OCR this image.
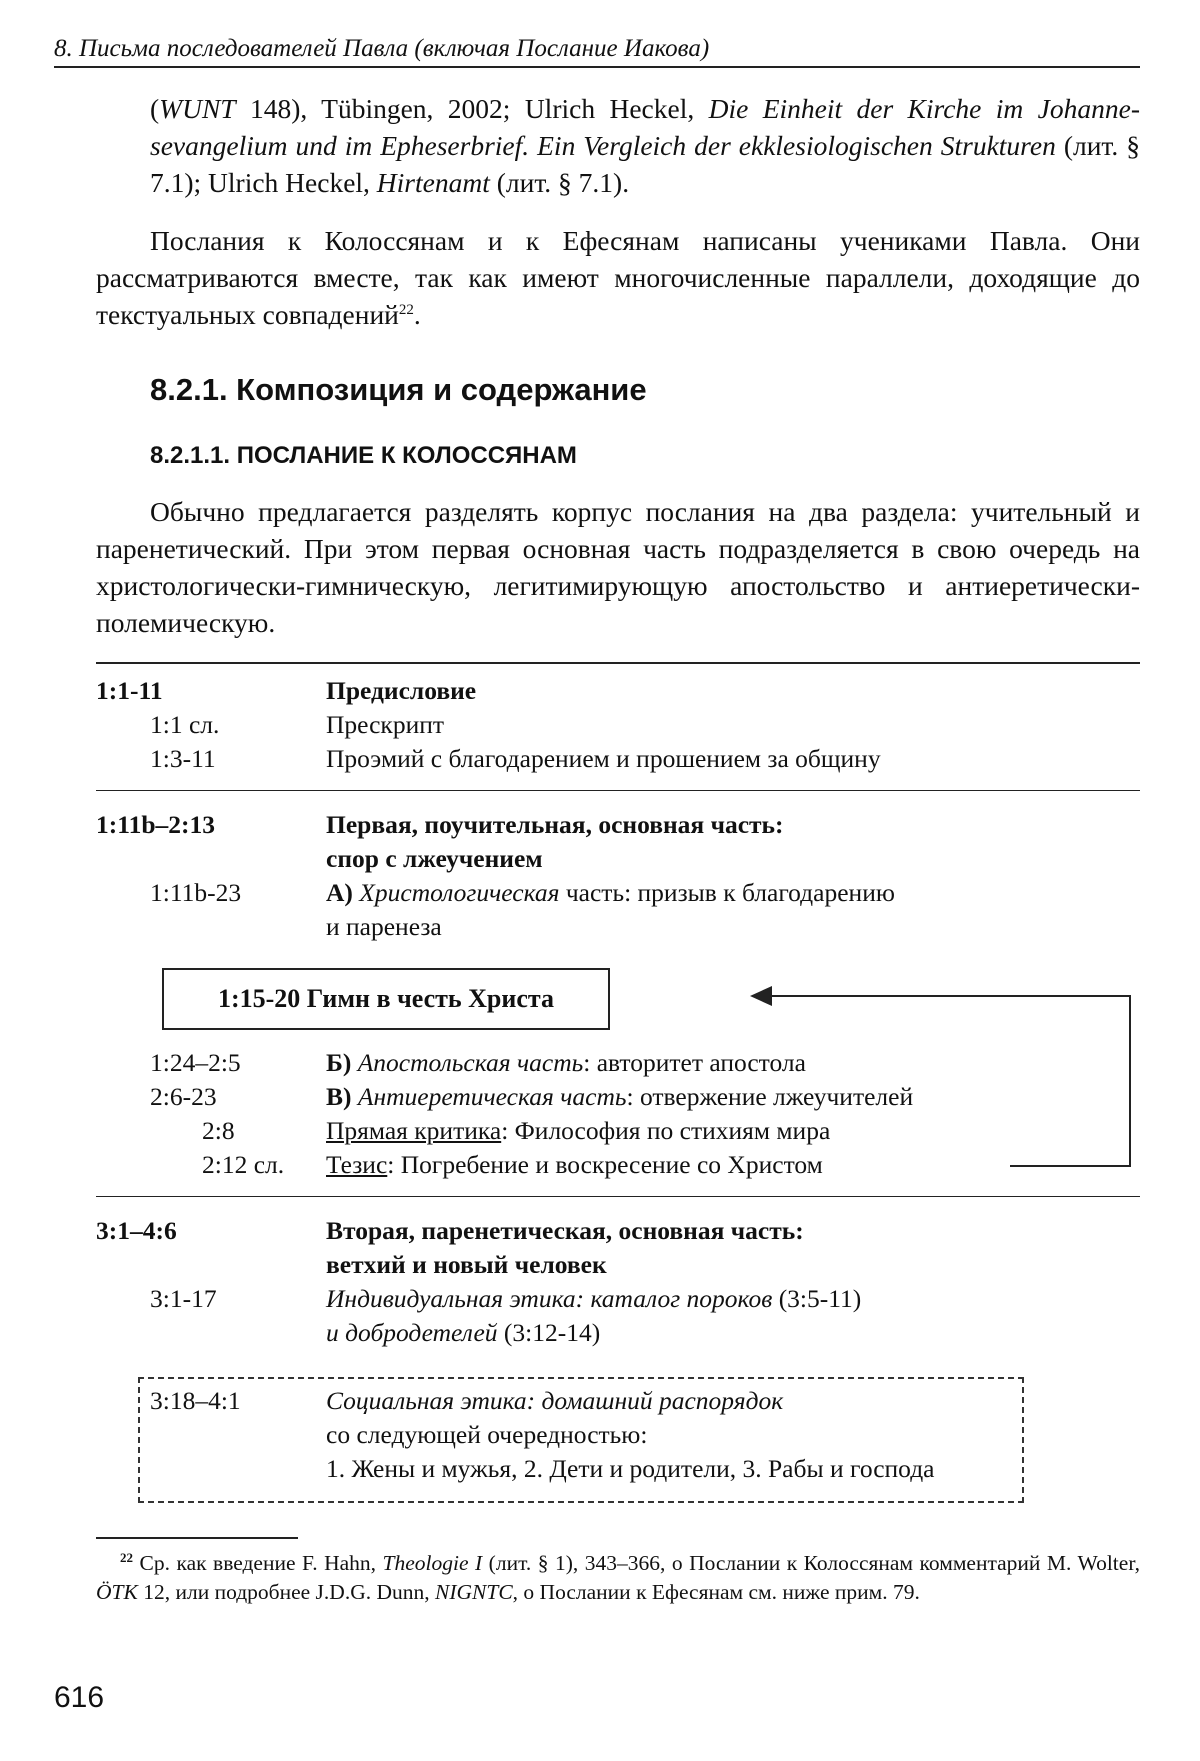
8. Письма последователей Павла (включая Послание Иакова)

(WUNT 148), Tübingen, 2002; Ulrich Heckel, Die Einheit der Kirche im Johannesevangelium und im Epheserbrief. Ein Vergleich der ekklesiologischen Strukturen (лит. § 7.1); Ulrich Heckel, Hirtenamt (лит. § 7.1).

Послания к Колоссянам и к Ефесянам написаны учениками Павла. Они рассматриваются вместе, так как имеют многочисленные параллели, доходящие до текстуальных совпадений$^{22}$.

8.2.1. Композиция и содержание
8.2.1.1. ПОСЛАНИЕ К КОЛОССЯНАМ

Обычно предлагается разделять корпус послания на два раздела: учительный и паренетический. При этом первая основная часть подразделяется в свою очередь на христологически-гимническую, легитимирующую апостольство и антиеретически-полемическую.

1:1-11	Предисловие
1:1 сл.	Прескрипт
1:3-11	Проэмий с благодарением и прошением за общину
1:11b–2:13	Первая, поучительная, основная часть:
спор с лжеучением
1:11b-23	А) Христологическая часть: призыв к благодарению
и паренеза
1:15-20 Гимн в честь Христа
1:24–2:5	Б) Апостольская часть: авторитет апостола
2:6-23	В) Антиеретическая часть: отвержение лжеучителей
2:8	Прямая критика: Философия по стихиям мира
2:12 сл. Тезис: Погребение и воскресение со Христом
3:1–4:6	Вторая, паренетическая, основная часть:
ветхий и новый человек
3:1-17	Индивидуальная этика: каталог пороков (3:5-11)
и добродетелей (3:12-14)
3:18–4:1	Социальная этика: домашний распорядок
со следующей очередностью:
1. Жены и мужья, 2. Дети и родители, 3. Рабы и господа

$^{22}$ Ср. как введение F. Hahn, Theologie I (лит. § 1), 343–366, о Послании к Колоссянам комментарий M. Wolter, ÖTK 12, или подробнее J.D.G. Dunn, NIGNTC, о Послании к Ефесянам см. ниже прим. 79.

616
